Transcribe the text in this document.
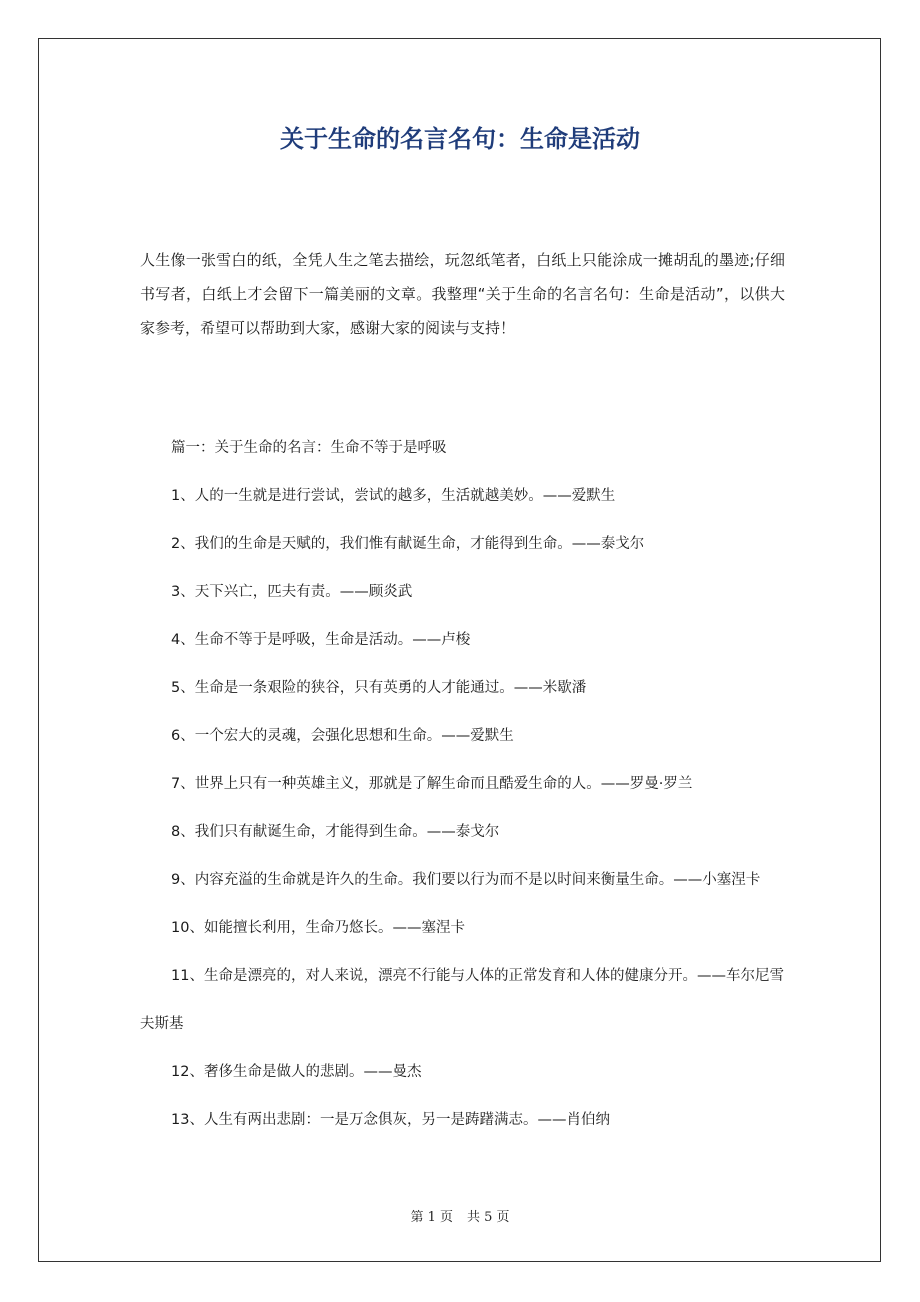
关于生命的名言名句：生命是活动

人生像一张雪白的纸，全凭人生之笔去描绘，玩忽纸笔者，白纸上只能涂成一摊胡乱的墨迹;仔细书写者，白纸上才会留下一篇美丽的文章。我整理“关于生命的名言名句：生命是活动”，以供大家参考，希望可以帮助到大家，感谢大家的阅读与支持！

篇一：关于生命的名言：生命不等于是呼吸
1、人的一生就是进行尝试，尝试的越多，生活就越美妙。——爱默生
2、我们的生命是天赋的，我们惟有献诞生命，才能得到生命。——泰戈尔
3、天下兴亡，匹夫有责。——顾炎武
4、生命不等于是呼吸，生命是活动。——卢梭
5、生命是一条艰险的狭谷，只有英勇的人才能通过。——米歇潘
6、一个宏大的灵魂，会强化思想和生命。——爱默生
7、世界上只有一种英雄主义，那就是了解生命而且酷爱生命的人。——罗曼·罗兰
8、我们只有献诞生命，才能得到生命。——泰戈尔
9、内容充溢的生命就是许久的生命。我们要以行为而不是以时间来衡量生命。——小塞涅卡
10、如能擅长利用，生命乃悠长。——塞涅卡
11、生命是漂亮的，对人来说，漂亮不行能与人体的正常发育和人体的健康分开。——车尔尼雪夫斯基
12、奢侈生命是做人的悲剧。——曼杰
13、人生有两出悲剧：一是万念俱灰，另一是踌躇满志。——肖伯纳
第 1 页 共 5 页
